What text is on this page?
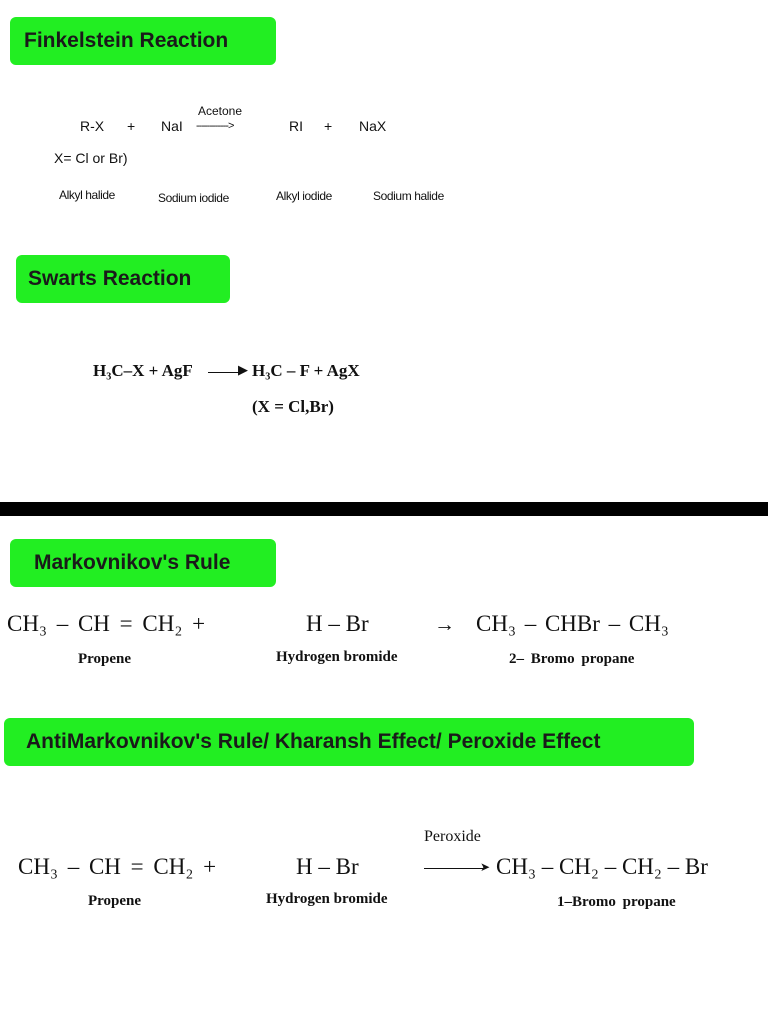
Finkelstein Reaction
R-X + NaI
Acetone
------------>	RI + NaX
X= Cl or Br)
Alkyl halide	Sodium iodide	Alkyl iodide	Sodium halide
Swarts Reaction
H₃C–X + AgF	▶ H₃C – F + AgX
(X = Cl,Br)
Markovnikov's Rule
CH₃ – CH = CH₂ +	H – Br	→ CH₃ – CHBr – CH₃
Propene	Hydrogen bromide	2– Bromo propane
AntiMarkovnikov's Rule/ Kharansh Effect/ Peroxide Effect
CH₃ – CH = CH₂ +	H – Br
Peroxide
➤ CH₃ – CH₂ – CH₂ – Br
Propene	Hydrogen bromide	1–Bromo propane
